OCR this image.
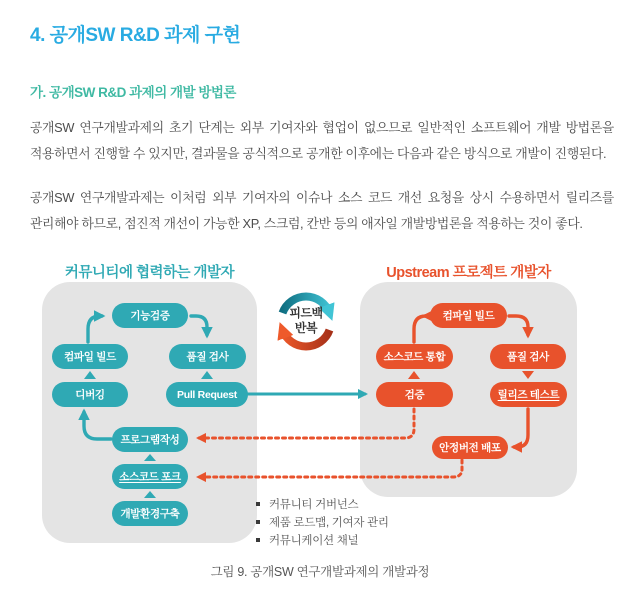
4. 공개SW R&D 과제 구현
가. 공개SW R&D 과제의 개발 방법론

공개SW 연구개발과제의 초기 단계는 외부 기여자와 협업이 없으므로 일반적인 소프트웨어 개발 방법론을 적용하면서 진행할 수 있지만, 결과물을 공식적으로 공개한 이후에는 다음과 같은 방식으로 개발이 진행된다.

공개SW 연구개발과제는 이처럼 외부 기여자의 이슈나 소스 코드 개선 요청을 상시 수용하면서 릴리즈를 관리해야 하므로, 점진적 개선이 가능한 XP, 스크럼, 칸반 등의 애자일 개발방법론을 적용하는 것이 좋다.

커뮤니티에 협력하는 개발자	Upstream 프로젝트 개발자
기능검증
컴파일 빌드	품질 검사
디버깅	Pull Request
프로그램작성
소스코드 포크
개발환경구축
컴파일 빌드
소스코드 통합	품질 검사
검증	릴리즈 테스트
안정버전 배포
피드백
반복
커뮤니티 거버넌스
제품 로드맵, 기여자 관리
커뮤니케이션 채널
그림 9. 공개SW 연구개발과제의 개발과정
